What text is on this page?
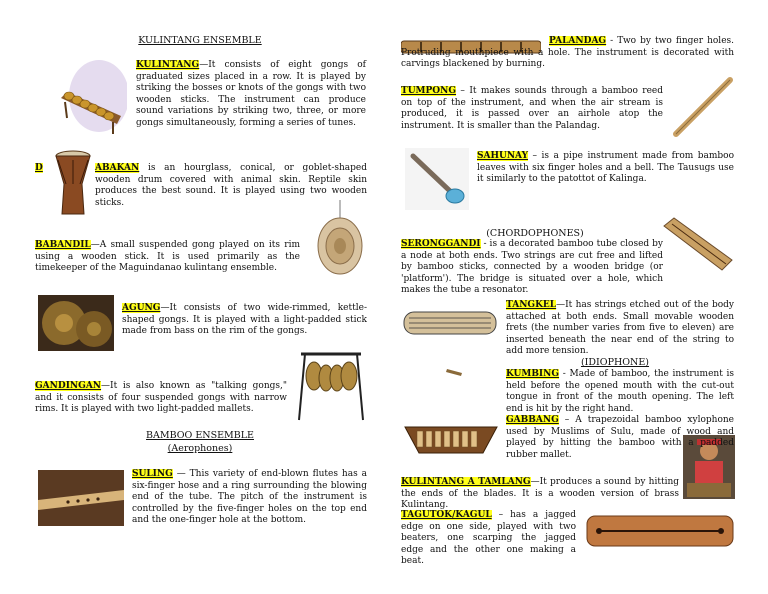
KULINTANG ENSEMBLE
KULINTANG—It consists of eight gongs of graduated sizes placed in a row. It is played by striking the bosses or knots of the gongs with two wooden sticks. The instrument can produce sound variations by striking two, three, or more gongs simultaneously, forming a series of tunes.
D	ABAKAN is an hourglass, conical, or goblet-shaped wooden drum covered with animal skin. Reptile skin produces the best sound. It is played using two wooden sticks.
BABANDIL—A small suspended gong played on its rim using a wooden stick. It is used primarily as the timekeeper of the Maguindanao kulintang ensemble.
AGUNG—It consists of two wide-rimmed, kettle-shaped gongs. It is played with a light-padded stick made from bass on the rim of the gongs.
GANDINGAN—It is also known as "talking gongs," and it consists of four suspended gongs with narrow rims. It is played with two light-padded mallets.
BAMBOO ENSEMBLE
(Aerophones)
SULING — This variety of end-blown flutes has a six-finger hose and a ring surrounding the blowing end of the tube. The pitch of the instrument is controlled by the five-finger holes on the top end and the one-finger hole at the bottom.
PALANDAG - Two by two finger holes. Protruding mouthpiece with a hole. The instrument is decorated with carvings blackened by burning.
TUMPONG – It makes sounds through a bamboo reed on top of the instrument, and when the air stream is produced, it is passed over an airhole atop the instrument. It is smaller than the Palandag.
SAHUNAY – is a pipe instrument made from bamboo leaves with six finger holes and a bell. The Tausugs use it similarly to the patottot of Kalinga.
(CHORDOPHONES)
SERONGGANDI - is a decorated bamboo tube closed by a node at both ends. Two strings are cut free and lifted by bamboo sticks, connected by a wooden bridge (or 'platform'). The bridge is situated over a hole, which makes the tube a resonator.
TANGKEL—It has strings etched out of the body attached at both ends. Small movable wooden frets (the number varies from five to eleven) are inserted beneath the near end of the string to add more tension.
(IDIOPHONE)
KUMBING - Made of bamboo, the instrument is held before the opened mouth with the cut-out tongue in front of the mouth opening. The left end is hit by the right hand.
GABBANG – A trapezoidal bamboo xylophone used by Muslims of Sulu, made of wood and played by hitting the bamboo with a padded rubber mallet.
KULINTANG A TAMLANG—It produces a sound by hitting the ends of the blades. It is a wooden version of brass Kulintang.
TAGUTOK/KAGUL – has a jagged edge on one side, played with two beaters, one scarping the jagged edge and the other one making a beat.
